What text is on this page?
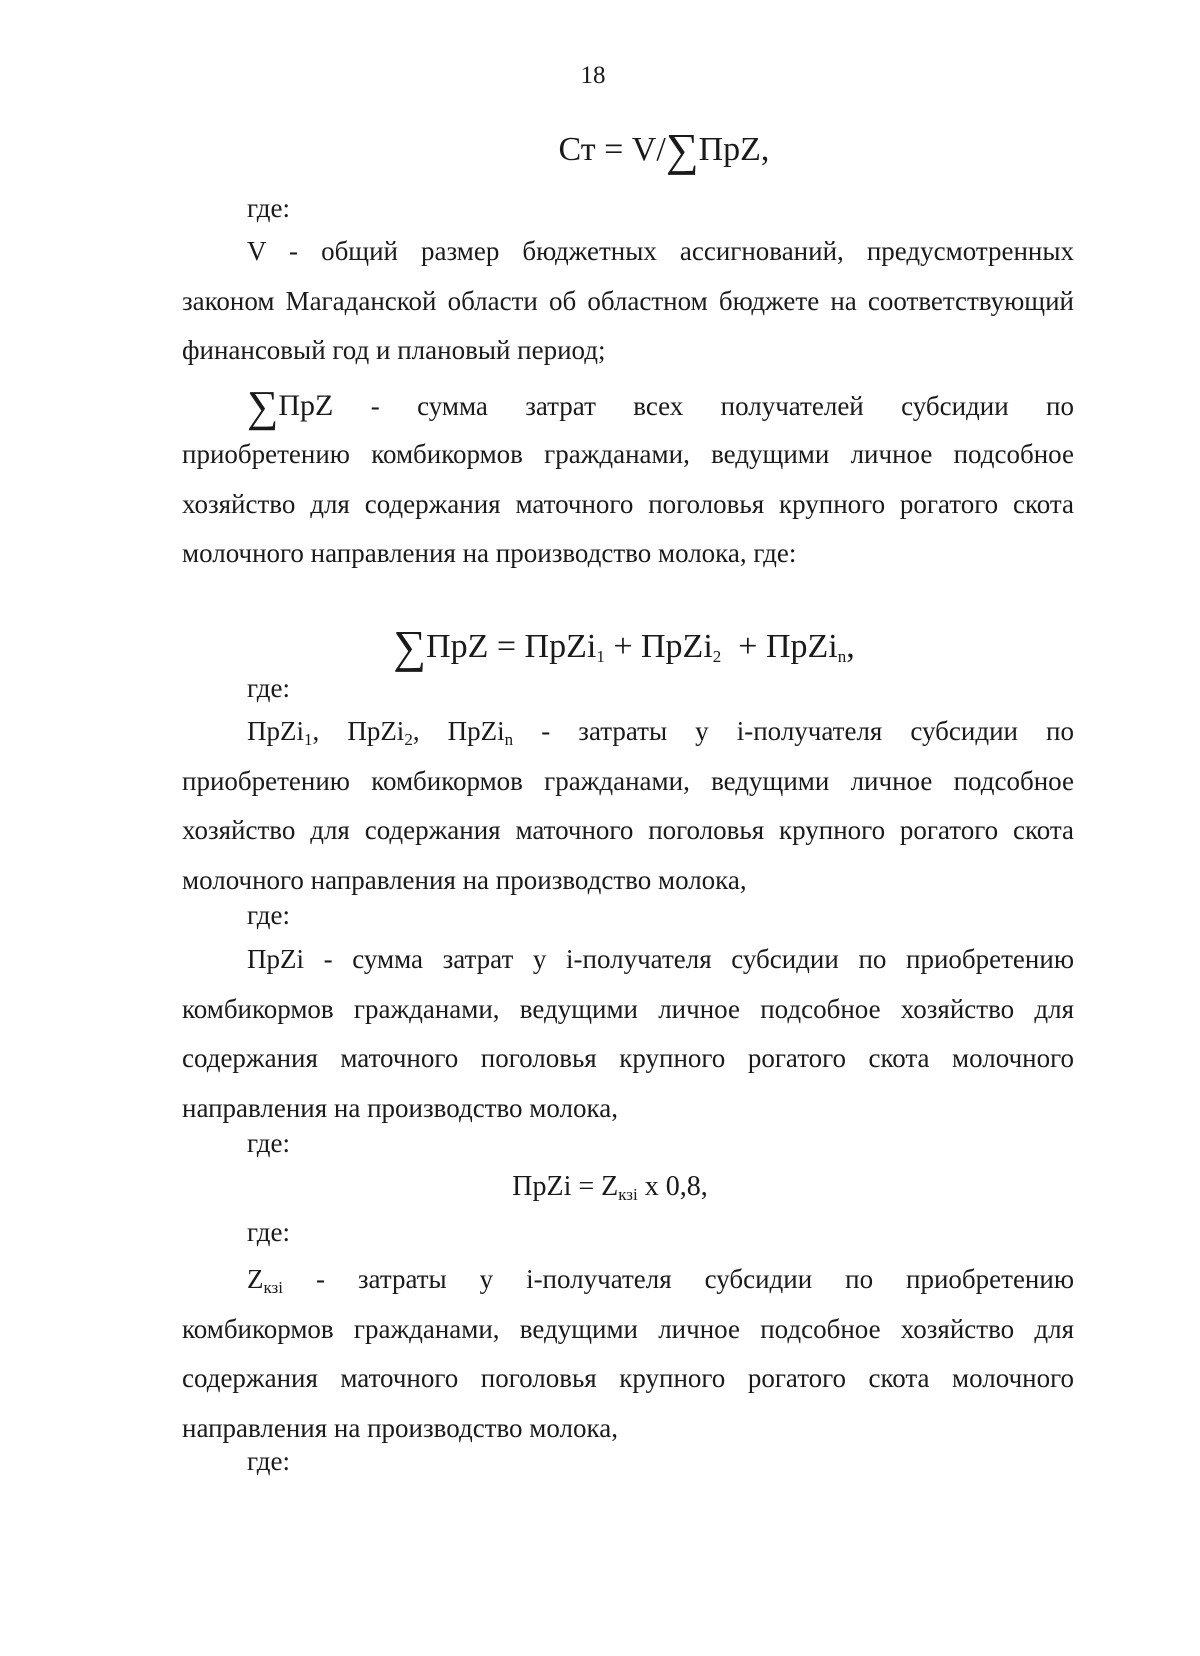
18
Ст = V/∑ПрZ,
где:
V - общий размер бюджетных ассигнований, предусмотренных
законом Магаданской области об областном бюджете на соответствующий
финансовый год и плановый период;
∑ПрZ - сумма затрат всех получателей субсидии по
приобретению комбикормов гражданами, ведущими личное подсобное
хозяйство для содержания маточного поголовья крупного рогатого скота
молочного направления на производство молока, где:
∑ПрZ = ПрZi$_1$ + ПрZi$_2$  + ПрZi$_n$,
где:
ПрZi$_1$, ПрZi$_2$, ПрZi$_n$ - затраты у i-получателя субсидии по
приобретению комбикормов гражданами, ведущими личное подсобное
хозяйство для содержания маточного поголовья крупного рогатого скота
молочного направления на производство молока,
где:
ПрZi - сумма затрат у i-получателя субсидии по приобретению
комбикормов гражданами, ведущими личное подсобное хозяйство для
содержания маточного поголовья крупного рогатого скота молочного
направления на производство молока,
где:
ПрZi = $Z_{кзi}$ x 0,8,
где:
$Z_{кзi}$ - затраты у i-получателя субсидии по приобретению
комбикормов гражданами, ведущими личное подсобное хозяйство для
содержания маточного поголовья крупного рогатого скота молочного
направления на производство молока,
где:
